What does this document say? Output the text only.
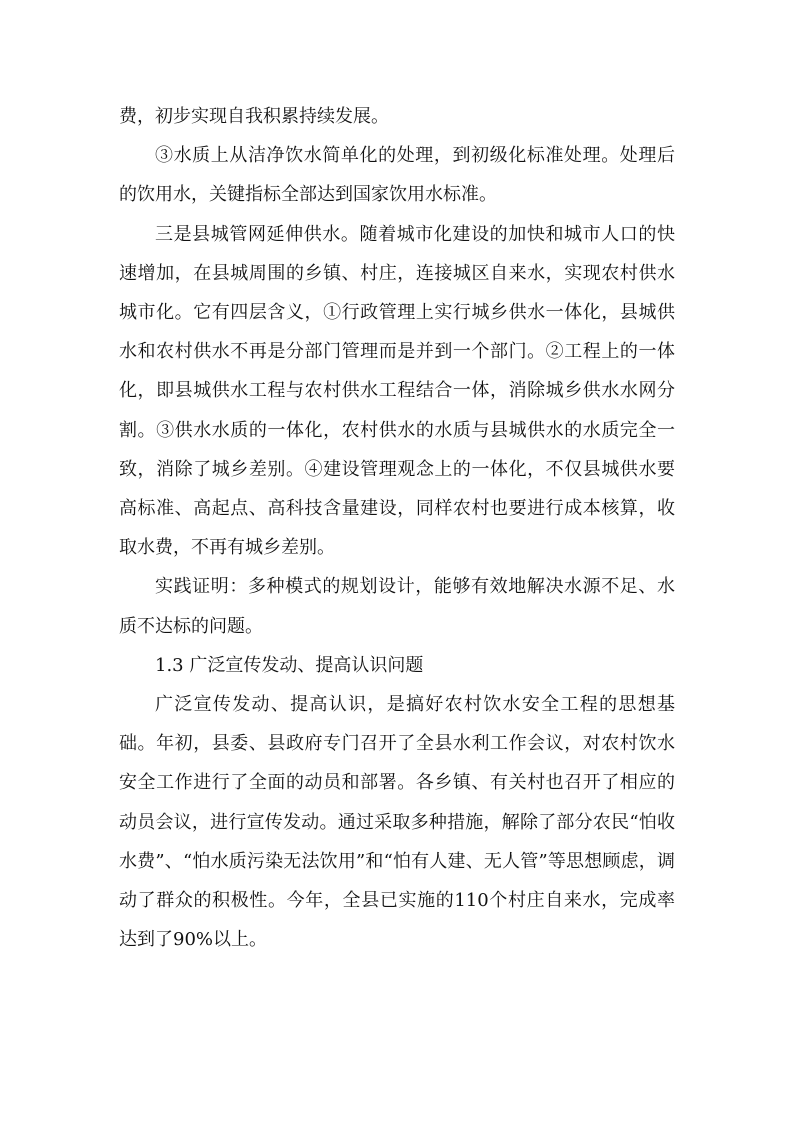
费，初步实现自我积累持续发展。

③水质上从洁净饮水简单化的处理，到初级化标准处理。处理后的饮用水，关键指标全部达到国家饮用水标准。

三是县城管网延伸供水。随着城市化建设的加快和城市人口的快速增加，在县城周围的乡镇、村庄，连接城区自来水，实现农村供水城市化。它有四层含义，①行政管理上实行城乡供水一体化，县城供水和农村供水不再是分部门管理而是并到一个部门。②工程上的一体化，即县城供水工程与农村供水工程结合一体，消除城乡供水水网分割。③供水水质的一体化，农村供水的水质与县城供水的水质完全一致，消除了城乡差别。④建设管理观念上的一体化，不仅县城供水要高标准、高起点、高科技含量建设，同样农村也要进行成本核算，收取水费，不再有城乡差别。

实践证明：多种模式的规划设计，能够有效地解决水源不足、水质不达标的问题。

1.3 广泛宣传发动、提高认识问题

广泛宣传发动、提高认识，是搞好农村饮水安全工程的思想基础。年初，县委、县政府专门召开了全县水利工作会议，对农村饮水安全工作进行了全面的动员和部署。各乡镇、有关村也召开了相应的动员会议，进行宣传发动。通过采取多种措施，解除了部分农民“怕收水费”、“怕水质污染无法饮用”和“怕有人建、无人管”等思想顾虑，调动了群众的积极性。今年，全县已实施的110个村庄自来水，完成率达到了90%以上。
